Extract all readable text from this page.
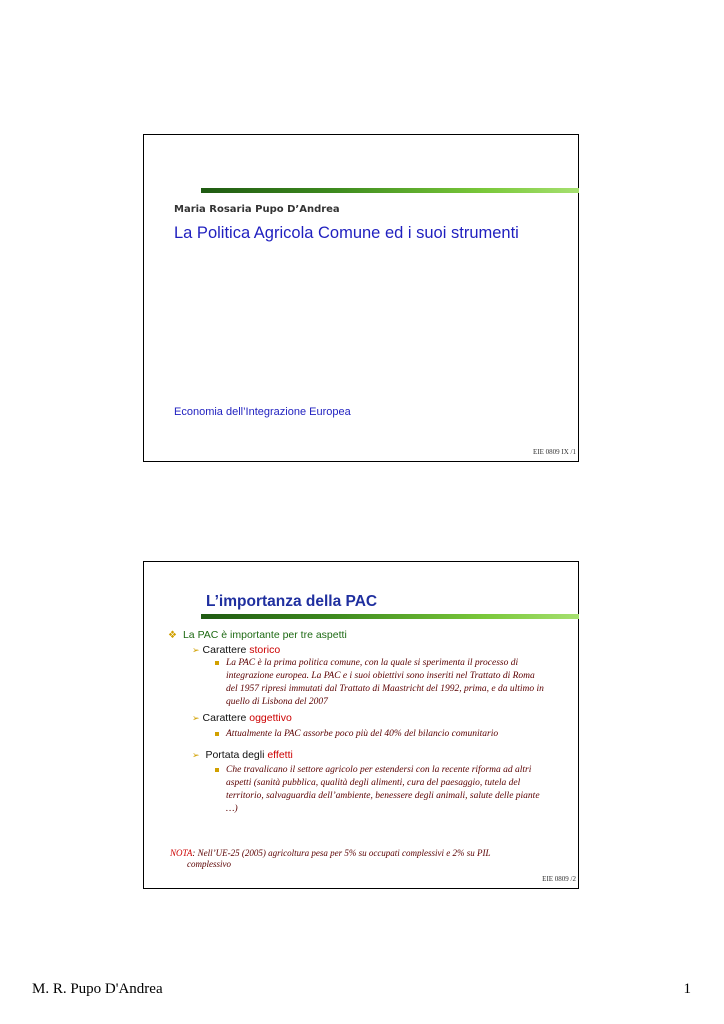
Maria Rosaria Pupo D’Andrea
La Politica Agricola Comune ed i suoi strumenti
Economia dell’Integrazione Europea
EIE 0809 IX /1
L’importanza della PAC

❖ La PAC è importante per tre aspetti

➢ Carattere storico
La PAC è la prima politica comune, con la quale si sperimenta il processo di integrazione europea. La PAC e i suoi obiettivi sono inseriti nel Trattato di Roma del 1957 ripresi immutati dal Trattato di Maastricht del 1992, prima, e da ultimo in quello di Lisbona del 2007
➢ Carattere oggettivo
Attualmente la PAC assorbe poco più del 40% del bilancio comunitario
➢ Portata degli effetti
Che travalicano il settore agricolo per estendersi con la recente riforma ad altri aspetti (sanità pubblica, qualità degli alimenti, cura del paesaggio, tutela del territorio, salvaguardia dell’ambiente, benessere degli animali, salute delle piante …)
NOTA: Nell’UE-25 (2005) agricoltura pesa per 5% su occupati complessivi e 2% su PIL
complessivo
EIE 0809 /2
M. R. Pupo D'Andrea	1
